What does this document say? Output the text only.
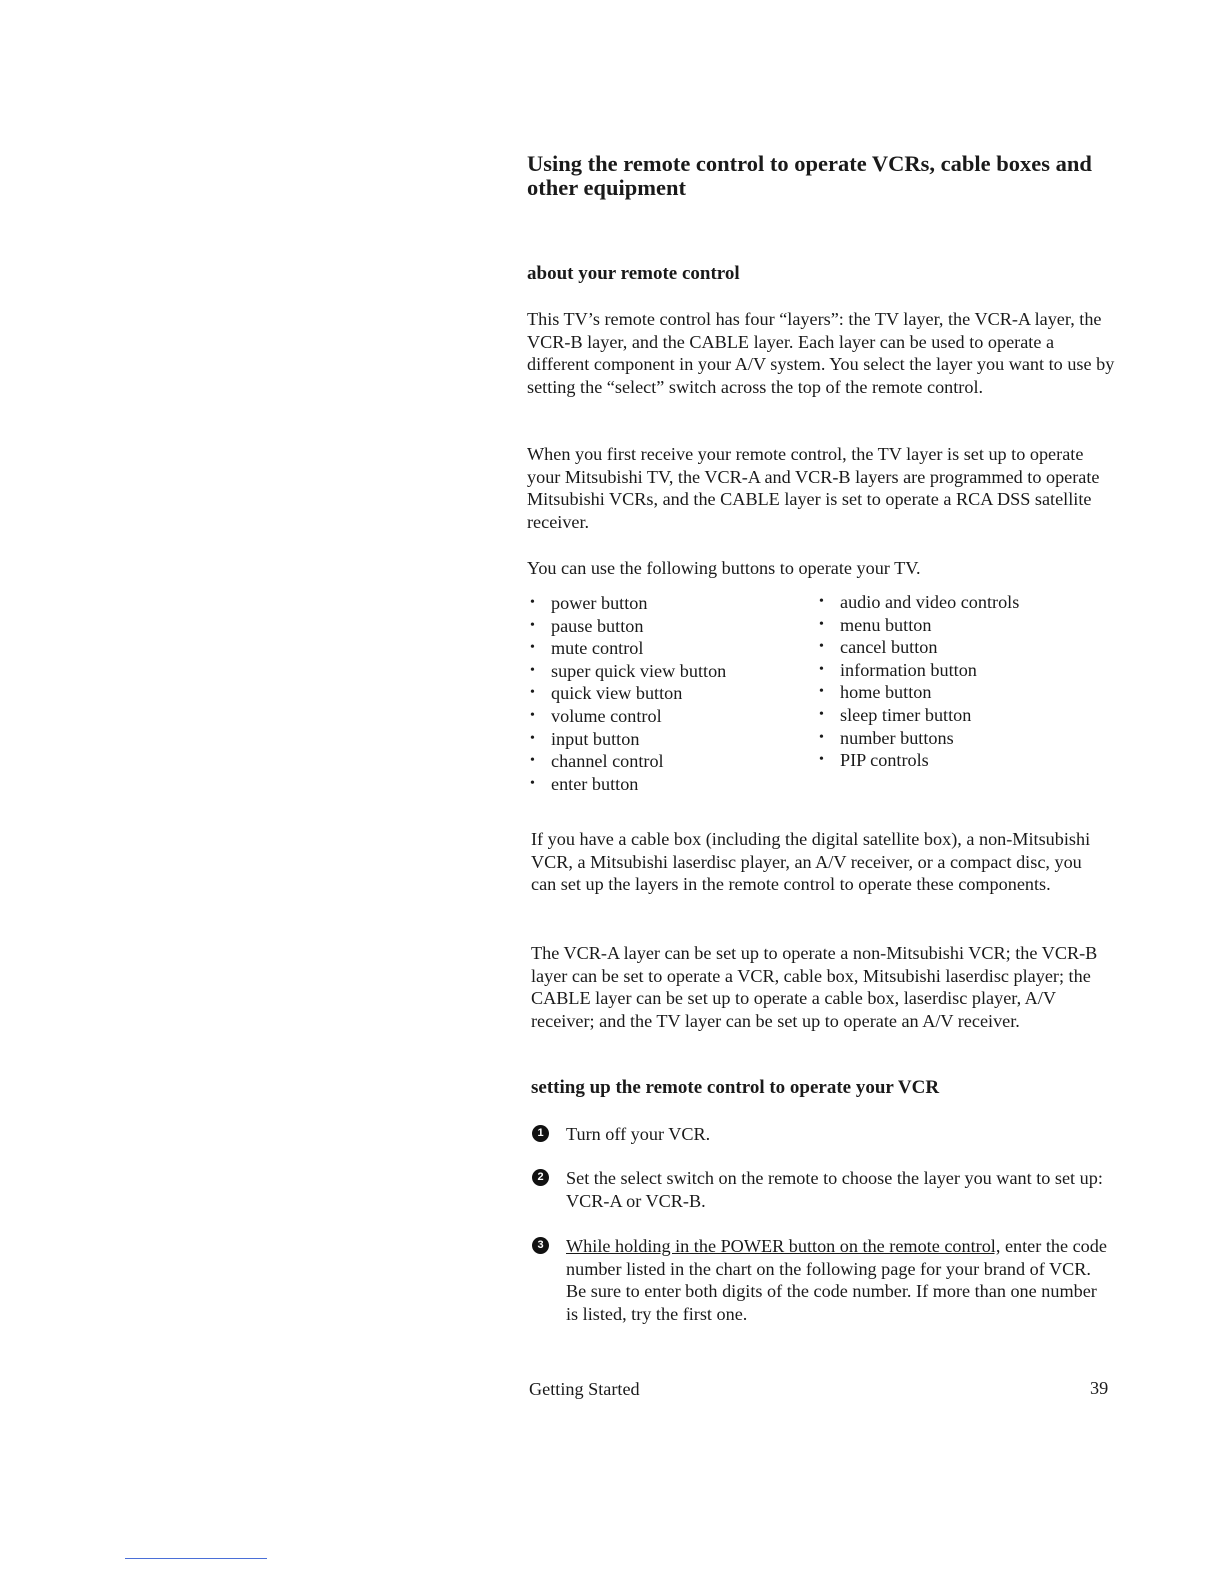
Using the remote control to operate VCRs, cable boxes and other equipment
about your remote control

This TV’s remote control has four “layers”: the TV layer, the VCR-A layer, the VCR-B layer, and the CABLE layer. Each layer can be used to operate a different component in your A/V system. You select the layer you want to use by setting the “select” switch across the top of the remote control.

When you first receive your remote control, the TV layer is set up to operate your Mitsubishi TV, the VCR-A and VCR-B layers are programmed to operate Mitsubishi VCRs, and the CABLE layer is set to operate a RCA DSS satellite receiver.

You can use the following buttons to operate your TV.

• power button
• pause button
• mute control
• super quick view button
• quick view button
• volume control
• input button
• channel control
• enter button
• audio and video controls
• menu button
• cancel button
• information button
• home button
• sleep timer button
• number buttons
• PIP controls

If you have a cable box (including the digital satellite box), a non-Mitsubishi VCR, a Mitsubishi laserdisc player, an A/V receiver, or a compact disc, you can set up the layers in the remote control to operate these components.

The VCR-A layer can be set up to operate a non-Mitsubishi VCR; the VCR-B layer can be set to operate a VCR, cable box, Mitsubishi laserdisc player; the CABLE layer can be set up to operate a cable box, laserdisc player, A/V receiver; and the TV layer can be set up to operate an A/V receiver.

setting up the remote control to operate your VCR
1 Turn off your VCR.
2 Set the select switch on the remote to choose the layer you want to set up: VCR-A or VCR-B.
3 While holding in the POWER button on the remote control, enter the code number listed in the chart on the following page for your brand of VCR. Be sure to enter both digits of the code number. If more than one number is listed, try the first one.
Getting Started	39
